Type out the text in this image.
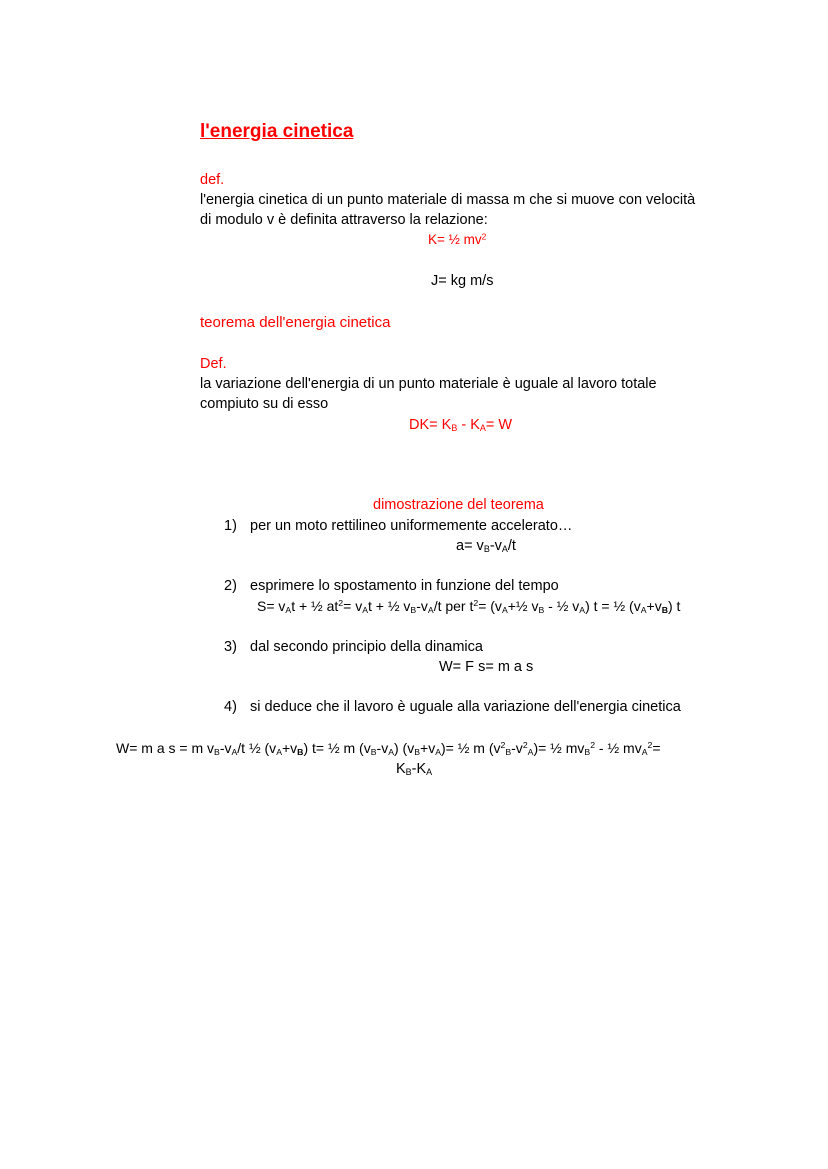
l'energia cinetica
def.
l'energia cinetica di un punto materiale di massa m che si muove con velocità
di modulo v è definita attraverso la relazione:
K= ½ $mv^2$
J= kg m/s
teorema dell'energia cinetica
Def.
la variazione dell'energia di un punto materiale è uguale al lavoro totale
compiuto su di esso
$DK= K_B - K_A= W$
dimostrazione del teorema
1) per un moto rettilineo uniformemente accelerato…
$a= v_B-v_A/t$
2) esprimere lo spostamento in funzione del tempo
$S= v_At$ + ½ $at^2= v_At$ + ½ $v_B-v_A/t$ per $t^2=$ ($v_A+\frac{1}{2}$ $v_B$ - ½ $v_A$) t = ½ $(v_A+v_B)$ t
3) dal secondo principio della dinamica
W= F s= m a s
4) si deduce che il lavoro è uguale alla variazione dell'energia cinetica
W= m a s = m $v_B-v_A/t$ ½ $(v_A+v_B)$ t= ½ m $(v_B-v_A)$ $(v_B+v_A)=$ ½ m $(v^2_B-v^2_A)=$ ½ $mv_B^2$ - ½ $mv_A^2=$
$K_B-K_A$
